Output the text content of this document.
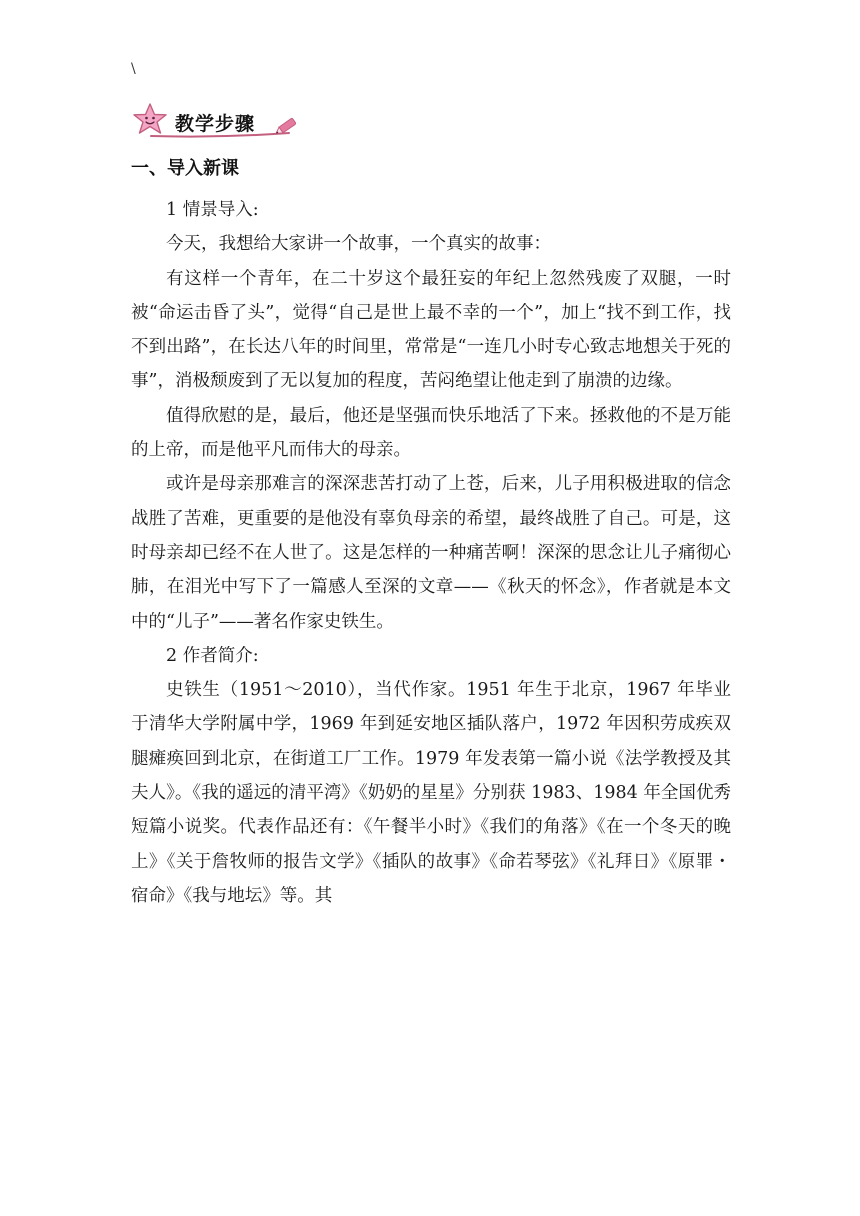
\
教学步骤
一、导入新课

1 情景导入:

今天，我想给大家讲一个故事，一个真实的故事：

有这样一个青年，在二十岁这个最狂妄的年纪上忽然残废了双腿，一时被“命运击昏了头”，觉得“自己是世上最不幸的一个”，加上“找不到工作，找不到出路”，在长达八年的时间里，常常是“一连几小时专心致志地想关于死的事”，消极颓废到了无以复加的程度，苦闷绝望让他走到了崩溃的边缘。

值得欣慰的是，最后，他还是坚强而快乐地活了下来。拯救他的不是万能的上帝，而是他平凡而伟大的母亲。

或许是母亲那难言的深深悲苦打动了上苍，后来，儿子用积极进取的信念战胜了苦难，更重要的是他没有辜负母亲的希望，最终战胜了自己。可是，这时母亲却已经不在人世了。这是怎样的一种痛苦啊！深深的思念让儿子痛彻心肺，在泪光中写下了一篇感人至深的文章——《秋天的怀念》，作者就是本文中的“儿子”——著名作家史铁生。

2 作者简介:

史铁生（1951～2010），当代作家。1951 年生于北京，1967 年毕业于清华大学附属中学，1969 年到延安地区插队落户，1972 年因积劳成疾双腿瘫痪回到北京，在街道工厂工作。1979 年发表第一篇小说《法学教授及其夫人》。《我的遥远的清平湾》《奶奶的星星》分别获 1983、1984 年全国优秀短篇小说奖。代表作品还有：《午餐半小时》《我们的角落》《在一个冬天的晚上》《关于詹牧师的报告文学》《插队的故事》《命若琴弦》《礼拜日》《原罪・宿命》《我与地坛》等。其
